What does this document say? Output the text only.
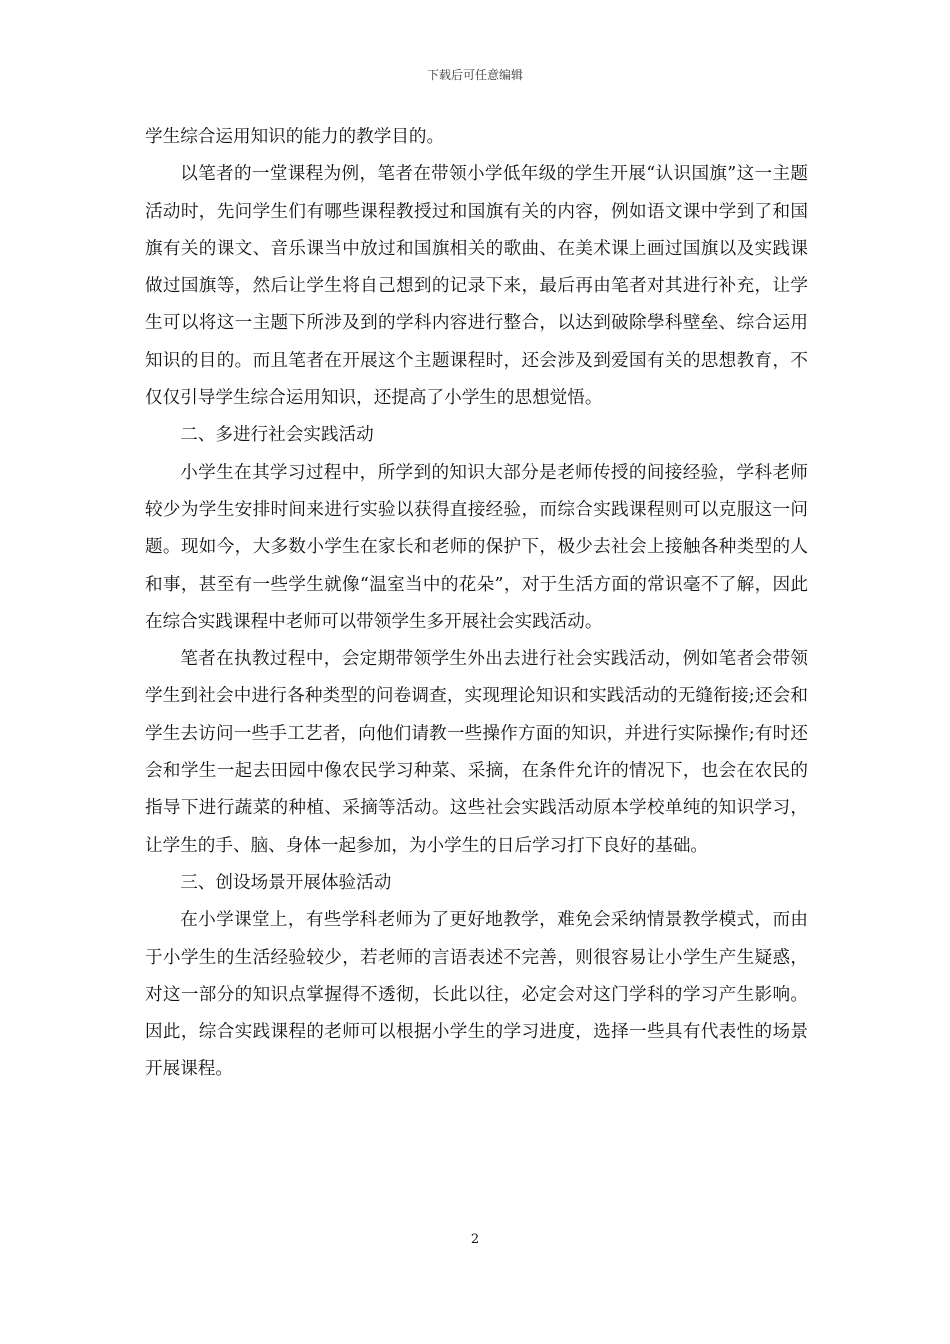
下载后可任意编辑

学生综合运用知识的能力的教学目的。

以笔者的一堂课程为例，笔者在带领小学低年级的学生开展“认识国旗”这一主题活动时，先问学生们有哪些课程教授过和国旗有关的内容，例如语文课中学到了和国旗有关的课文、音乐课当中放过和国旗相关的歌曲、在美术课上画过国旗以及实践课做过国旗等，然后让学生将自己想到的记录下来，最后再由笔者对其进行补充，让学生可以将这一主题下所涉及到的学科内容进行整合，以达到破除學科壁垒、综合运用知识的目的。而且笔者在开展这个主题课程时，还会涉及到爱国有关的思想教育，不仅仅引导学生综合运用知识，还提高了小学生的思想觉悟。

二、多进行社会实践活动

小学生在其学习过程中，所学到的知识大部分是老师传授的间接经验，学科老师较少为学生安排时间来进行实验以获得直接经验，而综合实践课程则可以克服这一问题。现如今，大多数小学生在家长和老师的保护下，极少去社会上接触各种类型的人和事，甚至有一些学生就像“温室当中的花朵”，对于生活方面的常识毫不了解，因此在综合实践课程中老师可以带领学生多开展社会实践活动。

笔者在执教过程中，会定期带领学生外出去进行社会实践活动，例如笔者会带领学生到社会中进行各种类型的问卷调查，实现理论知识和实践活动的无缝衔接;还会和学生去访问一些手工艺者，向他们请教一些操作方面的知识，并进行实际操作;有时还会和学生一起去田园中像农民学习种菜、采摘，在条件允许的情况下，也会在农民的指导下进行蔬菜的种植、采摘等活动。这些社会实践活动原本学校单纯的知识学习，让学生的手、脑、身体一起参加，为小学生的日后学习打下良好的基础。

三、创设场景开展体验活动

在小学课堂上，有些学科老师为了更好地教学，难免会采纳情景教学模式，而由于小学生的生活经验较少，若老师的言语表述不完善，则很容易让小学生产生疑惑，对这一部分的知识点掌握得不透彻，长此以往，必定会对这门学科的学习产生影响。因此，综合实践课程的老师可以根据小学生的学习进度，选择一些具有代表性的场景开展课程。

2
